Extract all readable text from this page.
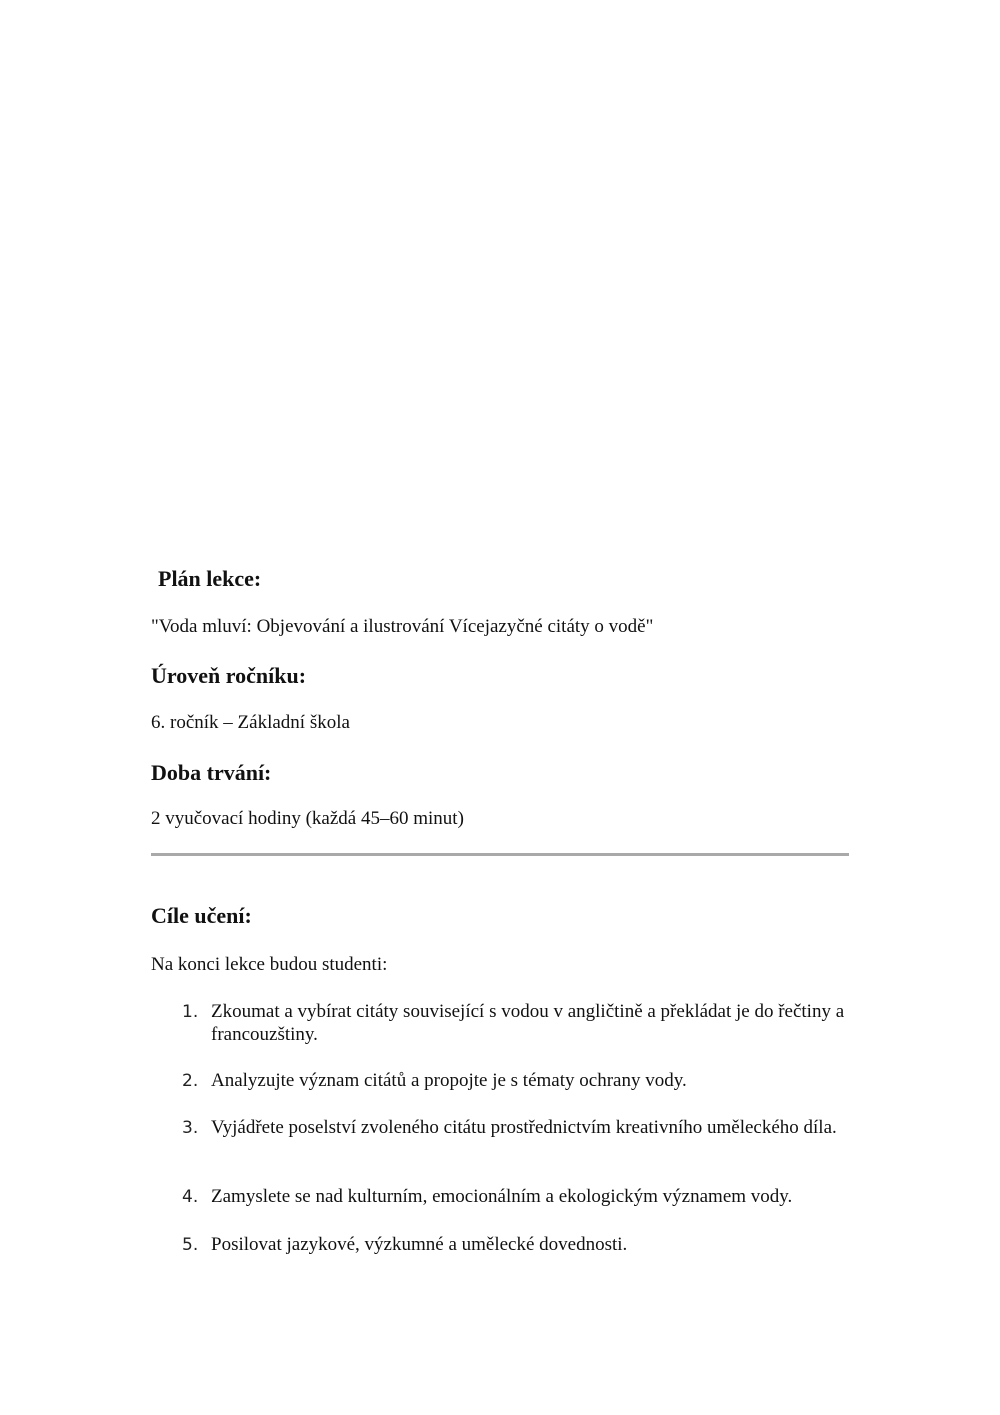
Plán lekce:

"Voda mluví: Objevování a ilustrování Vícejazyčné citáty o vodě"

Úroveň ročníku:

6. ročník – Základní škola

Doba trvání:

2 vyučovací hodiny (každá 45–60 minut)

Cíle učení:

Na konci lekce budou studenti:

1. Zkoumat a vybírat citáty související s vodou v angličtině a překládat je do řečtiny a francouzštiny.

2. Analyzujte význam citátů a propojte je s tématy ochrany vody.

3. Vyjádřete poselství zvoleného citátu prostřednictvím kreativního uměleckého díla.

4. Zamyslete se nad kulturním, emocionálním a ekologickým významem vody.

5. Posilovat jazykové, výzkumné a umělecké dovednosti.
